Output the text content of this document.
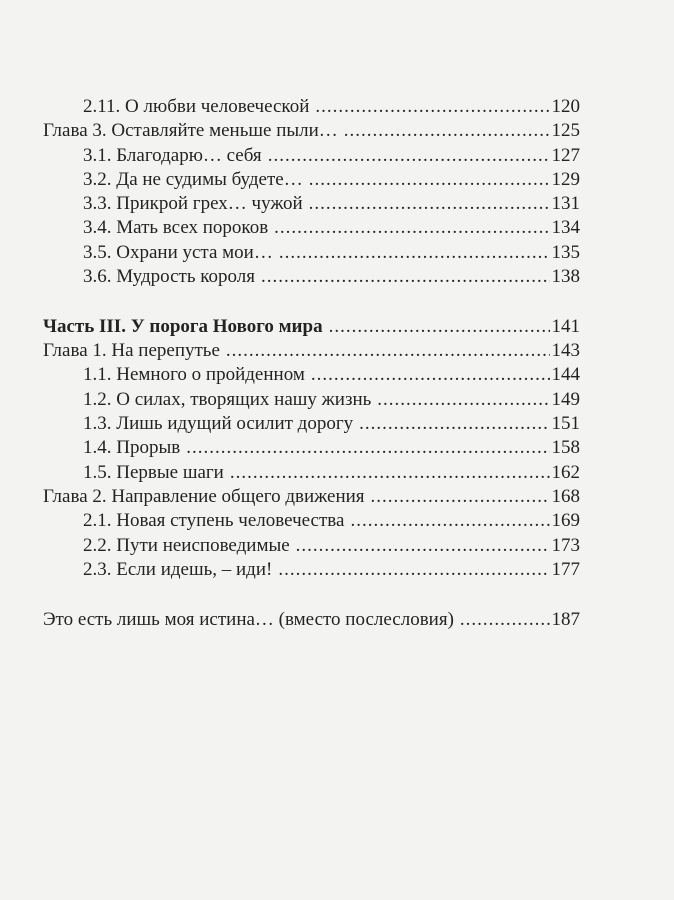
2.11. О любви человеческой .....	120
Глава 3. Оставляйте меньше пыли… .....	125
3.1. Благодарю… себя .....	127
3.2. Да не судимы будете… .....	129
3.3. Прикрой грех… чужой .....	131
3.4. Мать всех пороков .....	134
3.5. Охрани уста мои… .....	135
3.6. Мудрость короля .....	138
Часть III. У порога Нового мира .....	141
Глава 1. На перепутье .....	143
1.1. Немного о пройденном .....	144
1.2. О силах, творящих нашу жизнь .....	149
1.3. Лишь идущий осилит дорогу .....	151
1.4. Прорыв .....	158
1.5. Первые шаги .....	162
Глава 2. Направление общего движения .....	168
2.1. Новая ступень человечества .....	169
2.2. Пути неисповедимые .....	173
2.3. Если идешь, – иди! .....	177
Это есть лишь моя истина… (вместо послесловия) .....	187
